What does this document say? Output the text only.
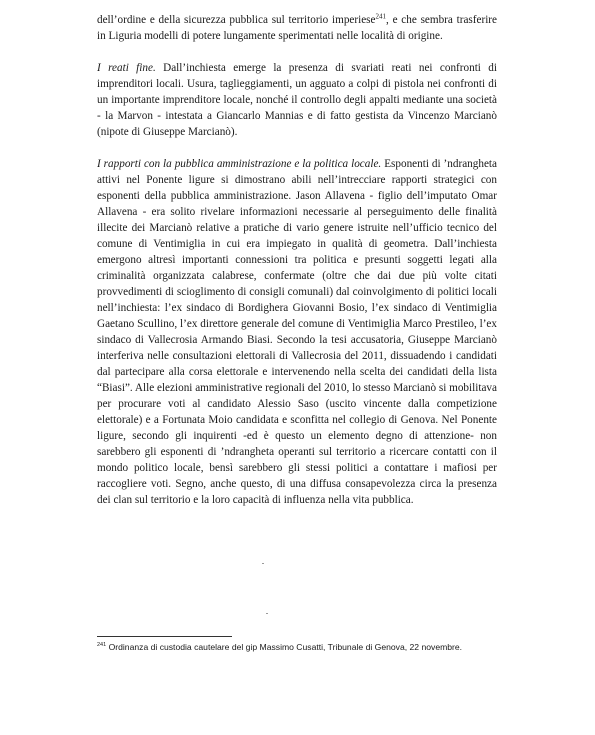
dell’ordine e della sicurezza pubblica sul territorio imperiese$^{241}$, e che sembra trasferire in Liguria modelli di potere lungamente sperimentati nelle località di origine.

I reati fine. Dall’inchiesta emerge la presenza di svariati reati nei confronti di imprenditori locali. Usura, taglieggiamenti, un agguato a colpi di pistola nei confronti di un importante imprenditore locale, nonché il controllo degli appalti mediante una società - la Marvon - intestata a Giancarlo Mannias e di fatto gestista da Vincenzo Marcianò (nipote di Giuseppe Marcianò).

I rapporti con la pubblica amministrazione e la politica locale. Esponenti di ’ndrangheta attivi nel Ponente ligure si dimostrano abili nell’intrecciare rapporti strategici con esponenti della pubblica amministrazione. Jason Allavena - figlio dell’imputato Omar Allavena - era solito rivelare informazioni necessarie al perseguimento delle finalità illecite dei Marcianò relative a pratiche di vario genere istruite nell’ufficio tecnico del comune di Ventimiglia in cui era impiegato in qualità di geometra. Dall’inchiesta emergono altresì importanti connessioni tra politica e presunti soggetti legati alla criminalità organizzata calabrese, confermate (oltre che dai due più volte citati provvedimenti di scioglimento di consigli comunali) dal coinvolgimento di politici locali nell’inchiesta: l’ex sindaco di Bordighera Giovanni Bosio, l’ex sindaco di Ventimiglia Gaetano Scullino, l’ex direttore generale del comune di Ventimiglia Marco Prestileo, l’ex sindaco di Vallecrosia Armando Biasi. Secondo la tesi accusatoria, Giuseppe Marcianò interferiva nelle consultazioni elettorali di Vallecrosia del 2011, dissuadendo i candidati dal partecipare alla corsa elettorale e intervenendo nella scelta dei candidati della lista “Biasi”. Alle elezioni amministrative regionali del 2010, lo stesso Marcianò si mobilitava per procurare voti al candidato Alessio Saso (uscito vincente dalla competizione elettorale) e a Fortunata Moio candidata e sconfitta nel collegio di Genova. Nel Ponente ligure, secondo gli inquirenti -ed è questo un elemento degno di attenzione- non sarebbero gli esponenti di ’ndrangheta operanti sul territorio a ricercare contatti con il mondo politico locale, bensì sarebbero gli stessi politici a contattare i mafiosi per raccogliere voti. Segno, anche questo, di una diffusa consapevolezza circa la presenza dei clan sul territorio e la loro capacità di influenza nella vita pubblica.

$^{241}$ Ordinanza di custodia cautelare del gip Massimo Cusatti, Tribunale di Genova, 22 novembre.
